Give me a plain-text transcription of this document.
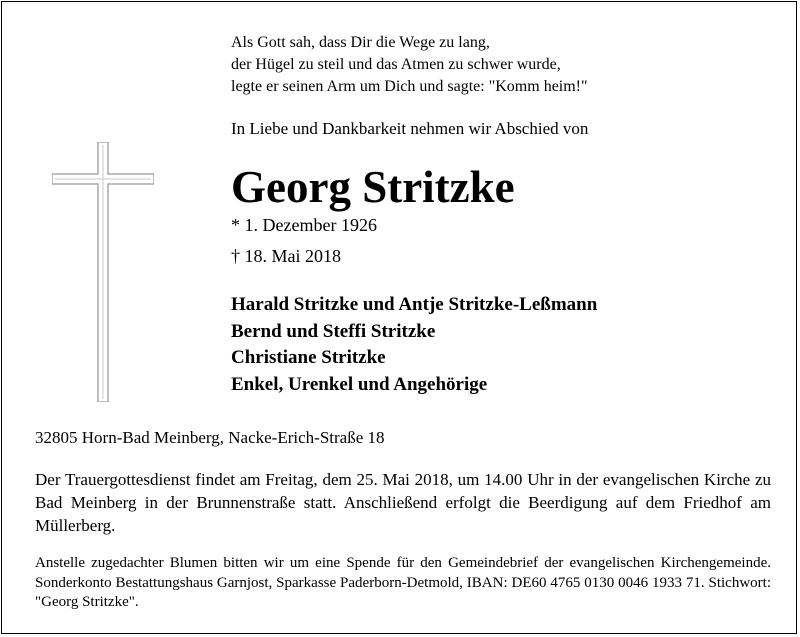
Als Gott sah, dass Dir die Wege zu lang,
der Hügel zu steil und das Atmen zu schwer wurde,
legte er seinen Arm um Dich und sagte: "Komm heim!"
In Liebe und Dankbarkeit nehmen wir Abschied von
Georg Stritzke
* 1. Dezember 1926
† 18. Mai 2018
Harald Stritzke und Antje Stritzke-Leßmann
Bernd und Steffi Stritzke
Christiane Stritzke
Enkel, Urenkel und Angehörige
32805 Horn-Bad Meinberg, Nacke-Erich-Straße 18
Der Trauergottesdienst findet am Freitag, dem 25. Mai 2018, um 14.00 Uhr in der evangelischen Kirche zu Bad Meinberg in der Brunnenstraße statt. Anschließend erfolgt die Beerdigung auf dem Friedhof am Müllerberg.
Anstelle zugedachter Blumen bitten wir um eine Spende für den Gemeindebrief der evangelischen Kirchengemeinde. Sonderkonto Bestattungshaus Garnjost, Sparkasse Paderborn-Detmold, IBAN: DE60 4765 0130 0046 1933 71. Stichwort: "Georg Stritzke".
